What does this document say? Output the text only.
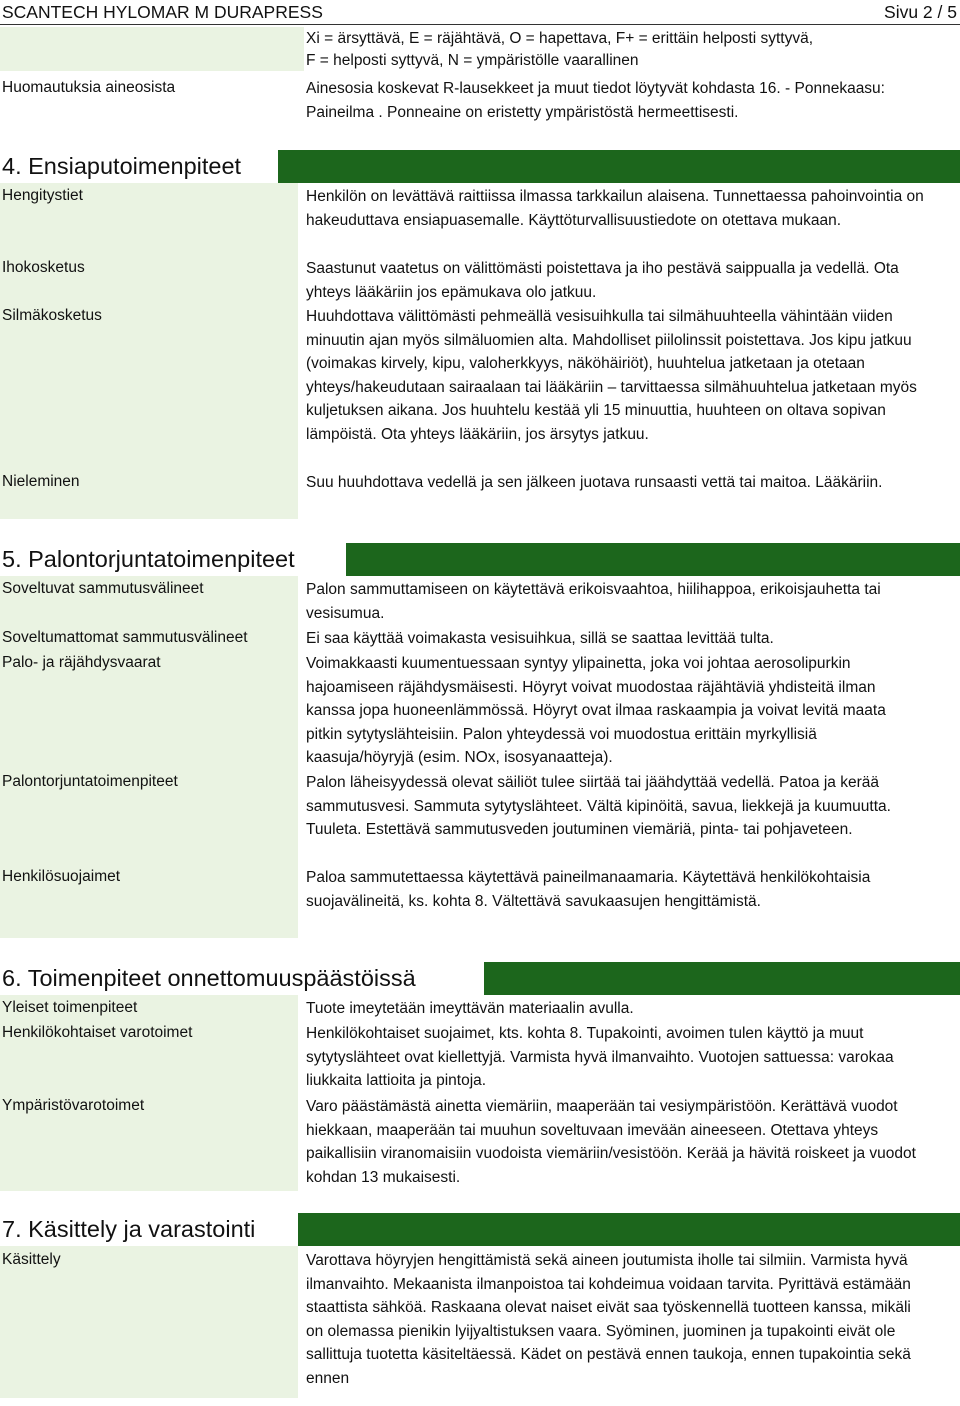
SCANTECH HYLOMAR M DURAPRESS	Sivu 2 / 5
Xi = ärsyttävä, E = räjähtävä, O = hapettava, F+ = erittäin helposti syttyvä,
F = helposti syttyvä, N = ympäristölle vaarallinen
Huomautuksia aineosista	Ainesosia koskevat R-lausekkeet ja muut tiedot löytyvät kohdasta 16. - Ponnekaasu: Paineilma . Ponneaine on eristetty ympäristöstä hermeettisesti.
4. Ensiaputoimenpiteet
Hengitystiet	Henkilön on levättävä raittiissa ilmassa tarkkailun alaisena. Tunnettaessa pahoinvointia on hakeuduttava ensiapuasemalle. Käyttöturvallisuustiedote on otettava mukaan.
Ihokosketus	Saastunut vaatetus on välittömästi poistettava ja iho pestävä saippualla ja vedellä. Ota yhteys lääkäriin jos epämukava olo jatkuu.
Silmäkosketus	Huuhdottava välittömästi pehmeällä vesisuihkulla tai silmähuuhteella vähintään viiden minuutin ajan myös silmäluomien alta. Mahdolliset piilolinssit poistettava. Jos kipu jatkuu (voimakas kirvely, kipu, valoherkkyys, näköhäiriöt), huuhtelua jatketaan ja otetaan yhteys/hakeudutaan sairaalaan tai lääkäriin – tarvittaessa silmähuuhtelua jatketaan myös kuljetuksen aikana. Jos huuhtelu kestää yli 15 minuuttia, huuhteen on oltava sopivan lämpöistä. Ota yhteys lääkäriin, jos ärsytys jatkuu.
Nieleminen	Suu huuhdottava vedellä ja sen jälkeen juotava runsaasti vettä tai maitoa. Lääkäriin.
5. Palontorjuntatoimenpiteet
Soveltuvat sammutusvälineet	Palon sammuttamiseen on käytettävä erikoisvaahtoa, hiilihappoa, erikoisjauhetta tai vesisumua.
Soveltumattomat sammutusvälineet	Ei saa käyttää voimakasta vesisuihkua, sillä se saattaa levittää tulta.
Palo- ja räjähdysvaarat	Voimakkaasti kuumentuessaan syntyy ylipainetta, joka voi johtaa aerosolipurkin hajoamiseen räjähdysmäisesti. Höyryt voivat muodostaa räjähtäviä yhdisteitä ilman kanssa jopa huoneenlämmössä. Höyryt ovat ilmaa raskaampia ja voivat levitä maata pitkin sytytyslähteisiin. Palon yhteydessä voi muodostua erittäin myrkyllisiä kaasuja/höyryjä (esim. NOx, isosyanaatteja).
Palontorjuntatoimenpiteet	Palon läheisyydessä olevat säiliöt tulee siirtää tai jäähdyttää vedellä. Patoa ja kerää sammutusvesi. Sammuta sytytyslähteet. Vältä kipinöitä, savua, liekkejä ja kuumuutta. Tuuleta. Estettävä sammutusveden joutuminen viemäriä, pinta- tai pohjaveteen.
Henkilösuojaimet	Paloa sammutettaessa käytettävä paineilmanaamaria. Käytettävä henkilökohtaisia suojavälineitä, ks. kohta 8. Vältettävä savukaasujen hengittämistä.
6. Toimenpiteet onnettomuuspäästöissä
Yleiset toimenpiteet	Tuote imeytetään imeyttävän materiaalin avulla.
Henkilökohtaiset varotoimet	Henkilökohtaiset suojaimet, kts. kohta 8. Tupakointi, avoimen tulen käyttö ja muut sytytyslähteet ovat kiellettyjä. Varmista hyvä ilmanvaihto. Vuotojen sattuessa: varokaa liukkaita lattioita ja pintoja.
Ympäristövarotoimet	Varo päästämästä ainetta viemäriin, maaperään tai vesiympäristöön. Kerättävä vuodot hiekkaan, maaperään tai muuhun soveltuvaan imevään aineeseen. Otettava yhteys paikallisiin viranomaisiin vuodoista viemäriin/vesistöön. Kerää ja hävitä roiskeet ja vuodot kohdan 13 mukaisesti.
7. Käsittely ja varastointi
Käsittely	Varottava höyryjen hengittämistä sekä aineen joutumista iholle tai silmiin. Varmista hyvä ilmanvaihto. Mekaanista ilmanpoistoa tai kohdeimua voidaan tarvita. Pyrittävä estämään staattista sähköä. Raskaana olevat naiset eivät saa työskennellä tuotteen kanssa, mikäli on olemassa pienikin lyijyaltistuksen vaara. Syöminen, juominen ja tupakointi eivät ole sallittuja tuotetta käsiteltäessä. Kädet on pestävä ennen taukoja, ennen tupakointia sekä ennen
